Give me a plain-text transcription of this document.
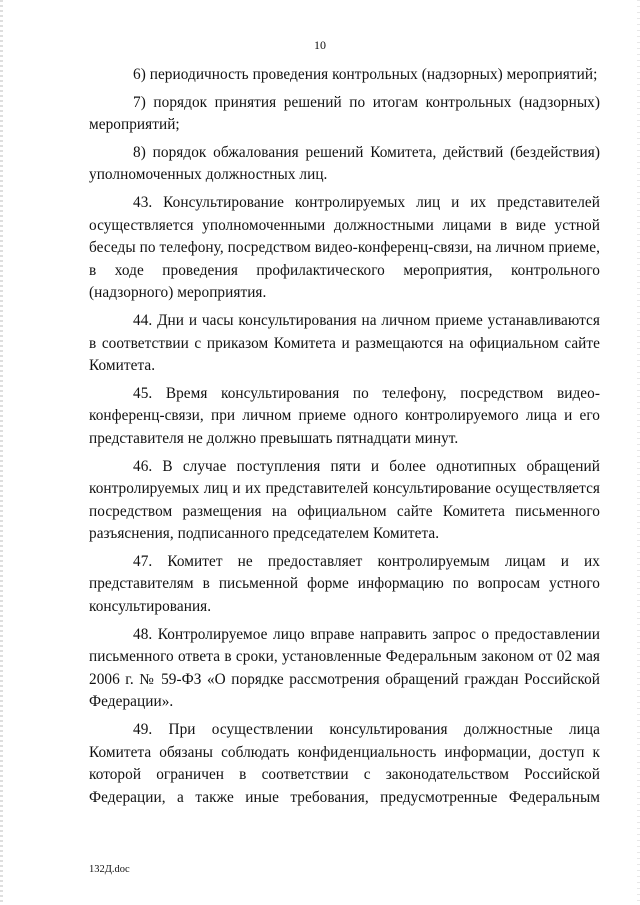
10

6) периодичность проведения контрольных (надзорных) мероприятий;

7) порядок принятия решений по итогам контрольных (надзорных) мероприятий;

8) порядок обжалования решений Комитета, действий (бездействия) уполномоченных должностных лиц.

43. Консультирование контролируемых лиц и их представителей осуществляется уполномоченными должностными лицами в виде устной беседы по телефону, посредством видео-конференц-связи, на личном приеме, в ходе проведения профилактического мероприятия, контрольного (надзорного) мероприятия.

44. Дни и часы консультирования на личном приеме устанавливаются в соответствии с приказом Комитета и размещаются на официальном сайте Комитета.

45. Время консультирования по телефону, посредством видео-конференц-связи, при личном приеме одного контролируемого лица и его представителя не должно превышать пятнадцати минут.

46. В случае поступления пяти и более однотипных обращений контролируемых лиц и их представителей консультирование осуществляется посредством размещения на официальном сайте Комитета письменного разъяснения, подписанного председателем Комитета.

47. Комитет не предоставляет контролируемым лицам и их представителям в письменной форме информацию по вопросам устного консультирования.

48. Контролируемое лицо вправе направить запрос о предоставлении письменного ответа в сроки, установленные Федеральным законом от 02 мая 2006 г. № 59-ФЗ «О порядке рассмотрения обращений граждан Российской Федерации».

49. При осуществлении консультирования должностные лица Комитета обязаны соблюдать конфиденциальность информации, доступ к которой ограничен в соответствии с законодательством Российской Федерации, а также иные требования, предусмотренные Федеральным

132Д.doc
